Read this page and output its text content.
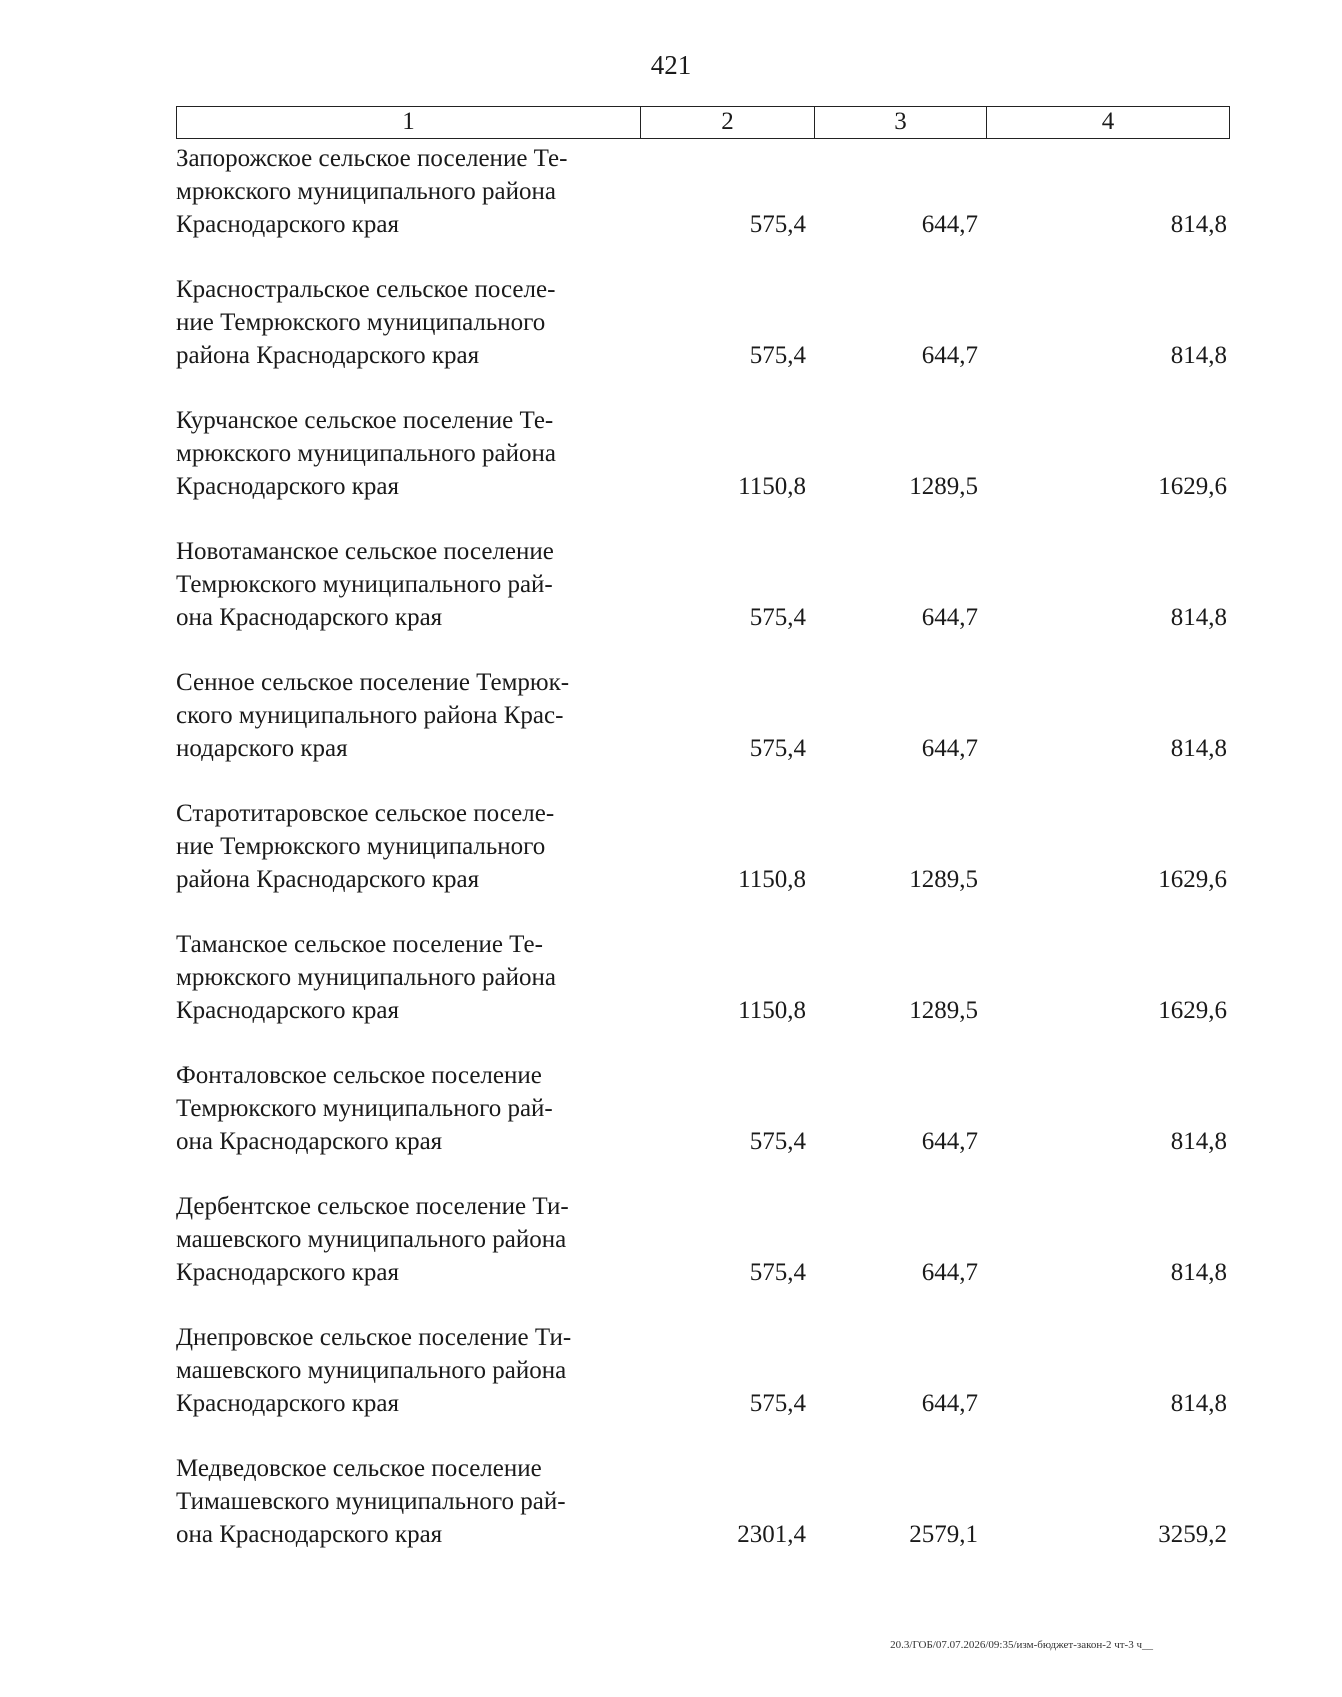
421
1	2	3	4
Запорожское сельское поселение Те-
мрюкского муниципального района
Краснодарского края	575,4	644,7	814,8
Красностральское сельское поселе-
ние Темрюкского муниципального
района Краснодарского края	575,4	644,7	814,8
Курчанское сельское поселение Те-
мрюкского муниципального района
Краснодарского края	1150,8	1289,5	1629,6
Новотаманское сельское поселение
Темрюкского муниципального рай-
она Краснодарского края	575,4	644,7	814,8
Сенное сельское поселение Темрюк-
ского муниципального района Крас-
нодарского края	575,4	644,7	814,8
Старотитаровское сельское поселе-
ние Темрюкского муниципального
района Краснодарского края	1150,8	1289,5	1629,6
Таманское сельское поселение Те-
мрюкского муниципального района
Краснодарского края	1150,8	1289,5	1629,6
Фонталовское сельское поселение
Темрюкского муниципального рай-
она Краснодарского края	575,4	644,7	814,8
Дербентское сельское поселение Ти-
машевского муниципального района
Краснодарского края	575,4	644,7	814,8
Днепровское сельское поселение Ти-
машевского муниципального района
Краснодарского края	575,4	644,7	814,8
Медведовское сельское поселение
Тимашевского муниципального рай-
она Краснодарского края	2301,4	2579,1	3259,2
20.3/ГОБ/07.07.2026/09:35/изм-бюджет-закон-2 чт-3 ч__
